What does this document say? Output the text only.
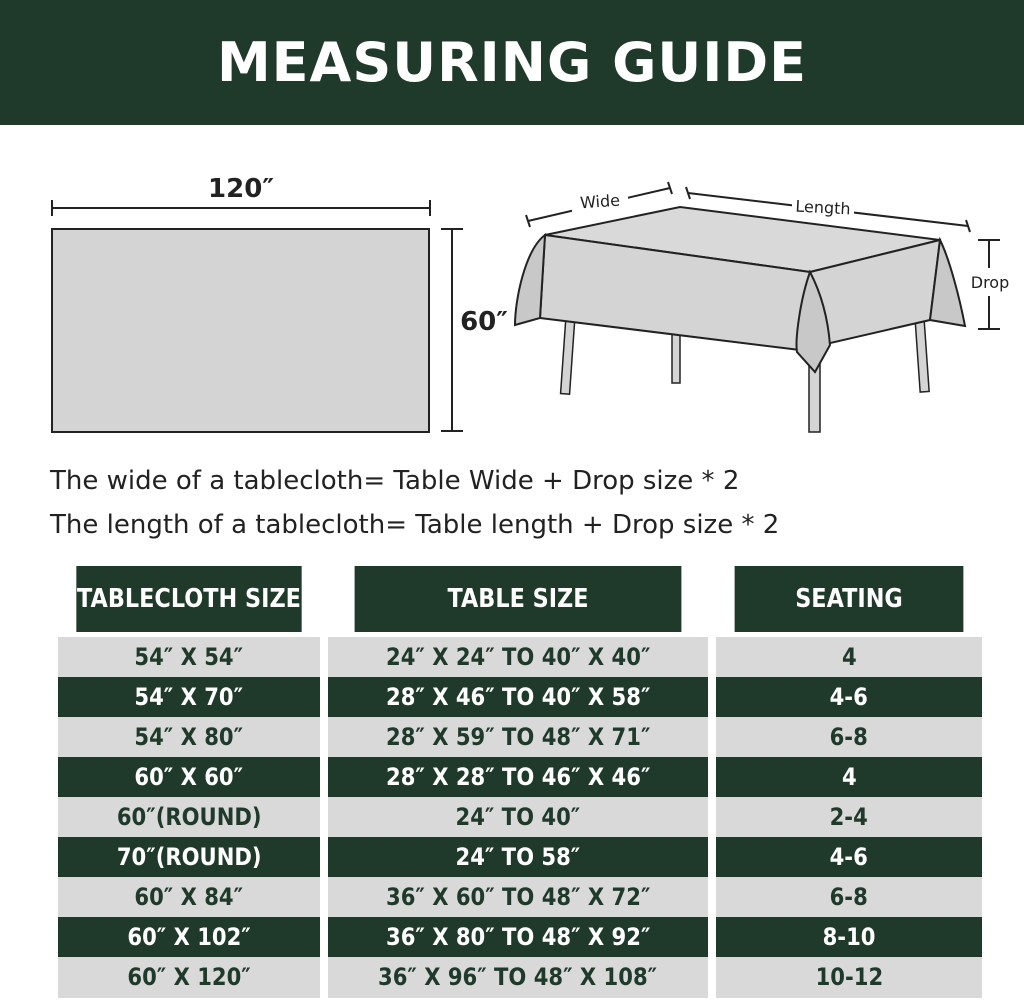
MEASURING GUIDE
120″
60″
Wide	Length
Drop
The wide of a tablecloth= Table Wide + Drop size * 2
The length of a tablecloth= Table length + Drop size * 2
TABLECLOTH SIZE	TABLE SIZE	SEATING
54″ X 54″	24″ X 24″ TO 40″ X 40″	4
54″ X 70″	28″ X 46″ TO 40″ X 58″	4-6
54″ X 80″	28″ X 59″ TO 48″ X 71″	6-8
60″ X 60″	28″ X 28″ TO 46″ X 46″	4
60″(ROUND)	24″ TO 40″	2-4
70″(ROUND)	24″ TO 58″	4-6
60″ X 84″	36″ X 60″ TO 48″ X 72″	6-8
60″ X 102″	36″ X 80″ TO 48″ X 92″	8-10
60″ X 120″	36″ X 96″ TO 48″ X 108″	10-12
